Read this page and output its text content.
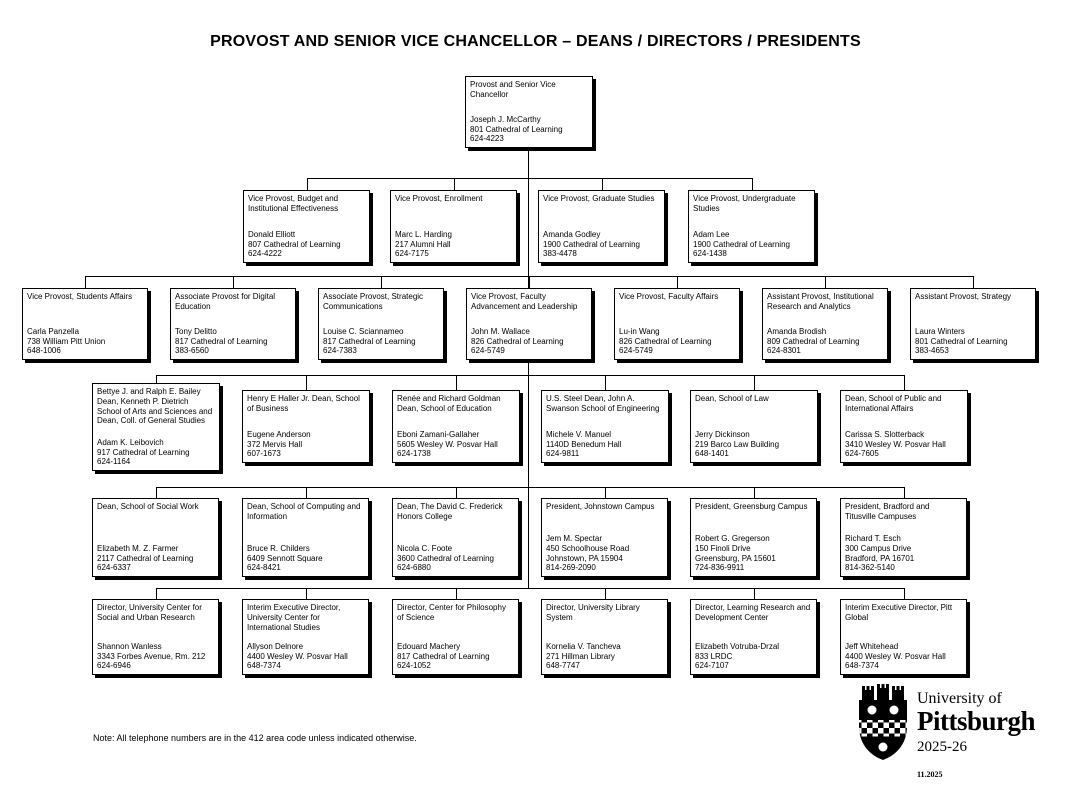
PROVOST AND SENIOR VICE CHANCELLOR – DEANS / DIRECTORS / PRESIDENTS
Provost and Senior Vice Chancellor
Joseph J. McCarthy
801 Cathedral of Learning
624-4223
Vice Provost, Budget and Institutional Effectiveness
Donald Elliott
807 Cathedral of Learning
624-4222
Vice Provost, Enrollment
Marc L. Harding
217 Alumni Hall
624-7175
Vice Provost, Graduate Studies
Amanda Godley
1900 Cathedral of Learning
383-4478
Vice Provost, Undergraduate Studies
Adam Lee
1900 Cathedral of Learning
624-1438
Vice Provost, Students Affairs
Carla Panzella
738 William Pitt Union
648-1006
Associate Provost for Digital Education
Tony Delitto
817 Cathedral of Learning
383-6560
Associate Provost, Strategic Communications
Louise C. Sciannameo
817 Cathedral of Learning
624-7383
Vice Provost, Faculty Advancement and Leadership
John M. Wallace
826 Cathedral of Learning
624-5749
Vice Provost, Faculty Affairs
Lu-in Wang
826 Cathedral of Learning
624-5749
Assistant Provost, Institutional Research and Analytics
Amanda Brodish
809 Cathedral of Learning
624-8301
Assistant Provost, Strategy
Laura Winters
801 Cathedral of Learning
383-4653
Bettye J. and Ralph E. Bailey Dean, Kenneth P. Dietrich School of Arts and Sciences and Dean, Coll. of General Studies
Adam K. Leibovich
917 Cathedral of Learning
624-1164
Henry E Haller Jr. Dean, School of Business
Eugene Anderson
372 Mervis Hall
607-1673
Renée and Richard Goldman Dean, School of Education
Eboni Zamani-Gallaher
5605 Wesley W. Posvar Hall
624-1738
U.S. Steel Dean, John A. Swanson School of Engineering
Michele V. Manuel
1140D Benedum Hall
624-9811
Dean, School of Law
Jerry Dickinson
219 Barco Law Building
648-1401
Dean, School of Public and International Affairs
Carissa S. Slotterback
3410 Wesley W. Posvar Hall
624-7605
Dean, School of Social Work
Elizabeth M. Z. Farmer
2117 Cathedral of Learning
624-6337
Dean, School of Computing and Information
Bruce R. Childers
6409 Sennott Square
624-8421
Dean, The David C. Frederick Honors College
Nicola C. Foote
3600 Cathedral of Learning
624-6880
President, Johnstown Campus
Jem M. Spectar
450 Schoolhouse Road
Johnstown, PA 15904
814-269-2090
President, Greensburg Campus
Robert G. Gregerson
150 Finoli Drive
Greensburg, PA 15601
724-836-9911
President, Bradford and Titusville Campuses
Richard T. Esch
300 Campus Drive
Bradford, PA 16701
814-362-5140
Director, University Center for Social and Urban Research
Shannon Wanless
3343 Forbes Avenue, Rm. 212
624-6946
Interim Executive Director, University Center for International Studies
Allyson Delnore
4400 Wesley W. Posvar Hall
648-7374
Director, Center for Philosophy of Science
Edouard Machery
817 Cathedral of Learning
624-1052
Director, University Library System
Kornelia V. Tancheva
271 Hillman Library
648-7747
Director, Learning Research and Development Center
Elizabeth Votruba-Drzal
833 LRDC
624-7107
Interim Executive Director, Pitt Global
Jeff Whitehead
4400 Wesley W. Posvar Hall
648-7374
Note: All telephone numbers are in the 412 area code unless indicated otherwise.
University of
Pittsburgh
2025-26
11.2025
